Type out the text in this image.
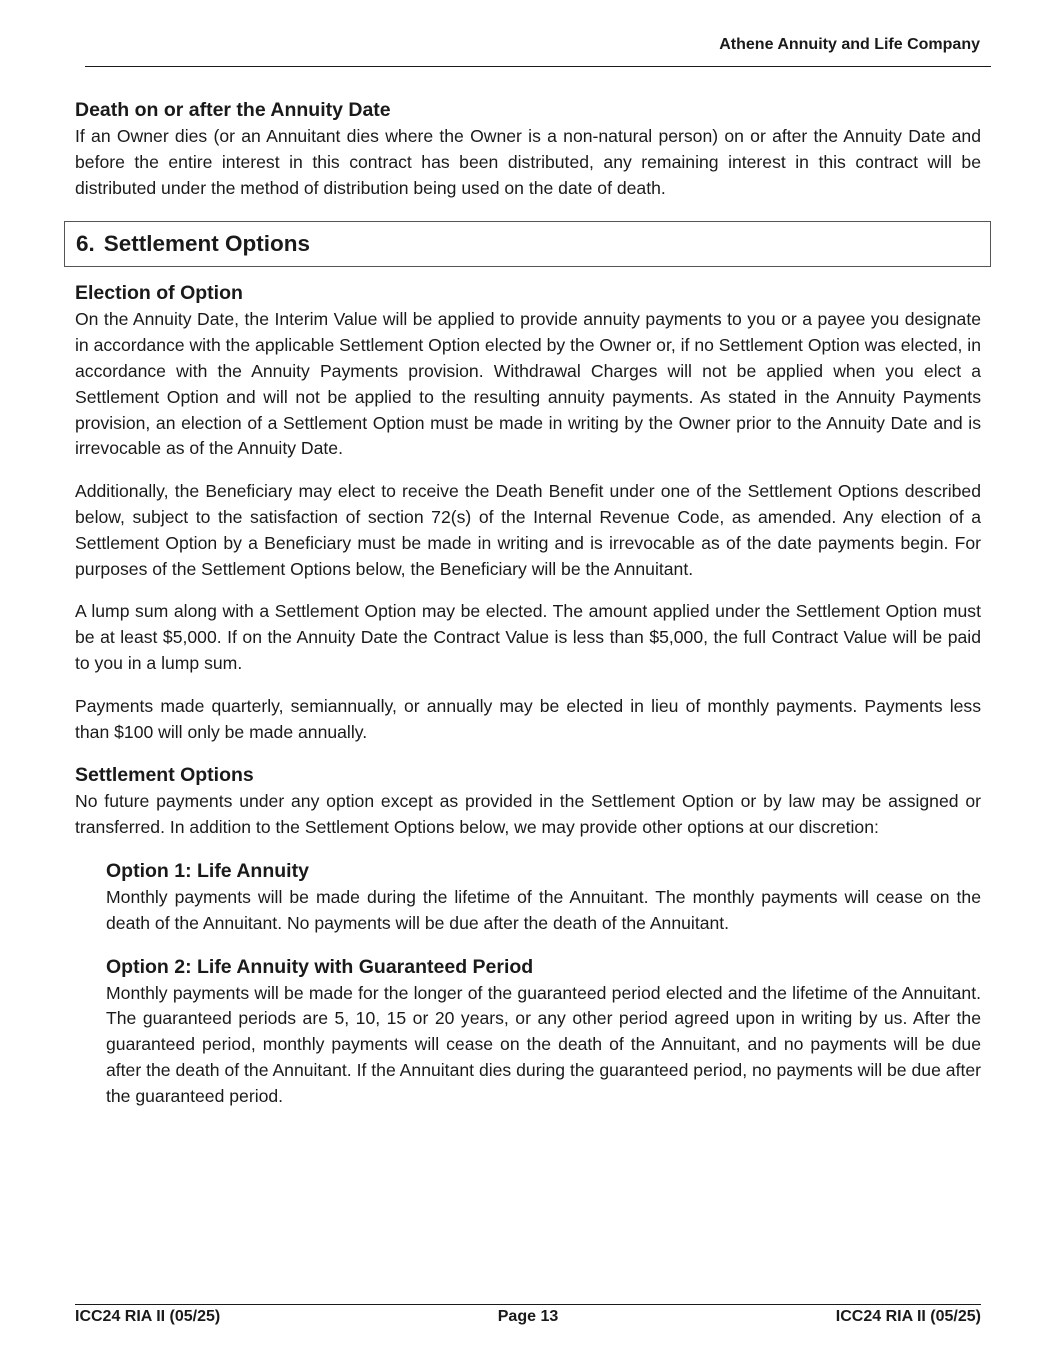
Athene Annuity and Life Company
Death on or after the Annuity Date
If an Owner dies (or an Annuitant dies where the Owner is a non-natural person) on or after the Annuity Date and before the entire interest in this contract has been distributed, any remaining interest in this contract will be distributed under the method of distribution being used on the date of death.
6. Settlement Options
Election of Option
On the Annuity Date, the Interim Value will be applied to provide annuity payments to you or a payee you designate in accordance with the applicable Settlement Option elected by the Owner or, if no Settlement Option was elected, in accordance with the Annuity Payments provision. Withdrawal Charges will not be applied when you elect a Settlement Option and will not be applied to the resulting annuity payments. As stated in the Annuity Payments provision, an election of a Settlement Option must be made in writing by the Owner prior to the Annuity Date and is irrevocable as of the Annuity Date.
Additionally, the Beneficiary may elect to receive the Death Benefit under one of the Settlement Options described below, subject to the satisfaction of section 72(s) of the Internal Revenue Code, as amended. Any election of a Settlement Option by a Beneficiary must be made in writing and is irrevocable as of the date payments begin. For purposes of the Settlement Options below, the Beneficiary will be the Annuitant.
A lump sum along with a Settlement Option may be elected. The amount applied under the Settlement Option must be at least $5,000. If on the Annuity Date the Contract Value is less than $5,000, the full Contract Value will be paid to you in a lump sum.
Payments made quarterly, semiannually, or annually may be elected in lieu of monthly payments. Payments less than $100 will only be made annually.
Settlement Options
No future payments under any option except as provided in the Settlement Option or by law may be assigned or transferred. In addition to the Settlement Options below, we may provide other options at our discretion:
Option 1: Life Annuity
Monthly payments will be made during the lifetime of the Annuitant. The monthly payments will cease on the death of the Annuitant. No payments will be due after the death of the Annuitant.
Option 2: Life Annuity with Guaranteed Period
Monthly payments will be made for the longer of the guaranteed period elected and the lifetime of the Annuitant. The guaranteed periods are 5, 10, 15 or 20 years, or any other period agreed upon in writing by us. After the guaranteed period, monthly payments will cease on the death of the Annuitant, and no payments will be due after the death of the Annuitant. If the Annuitant dies during the guaranteed period, no payments will be due after the guaranteed period.
ICC24 RIA II (05/25)	Page 13	ICC24 RIA II (05/25)
